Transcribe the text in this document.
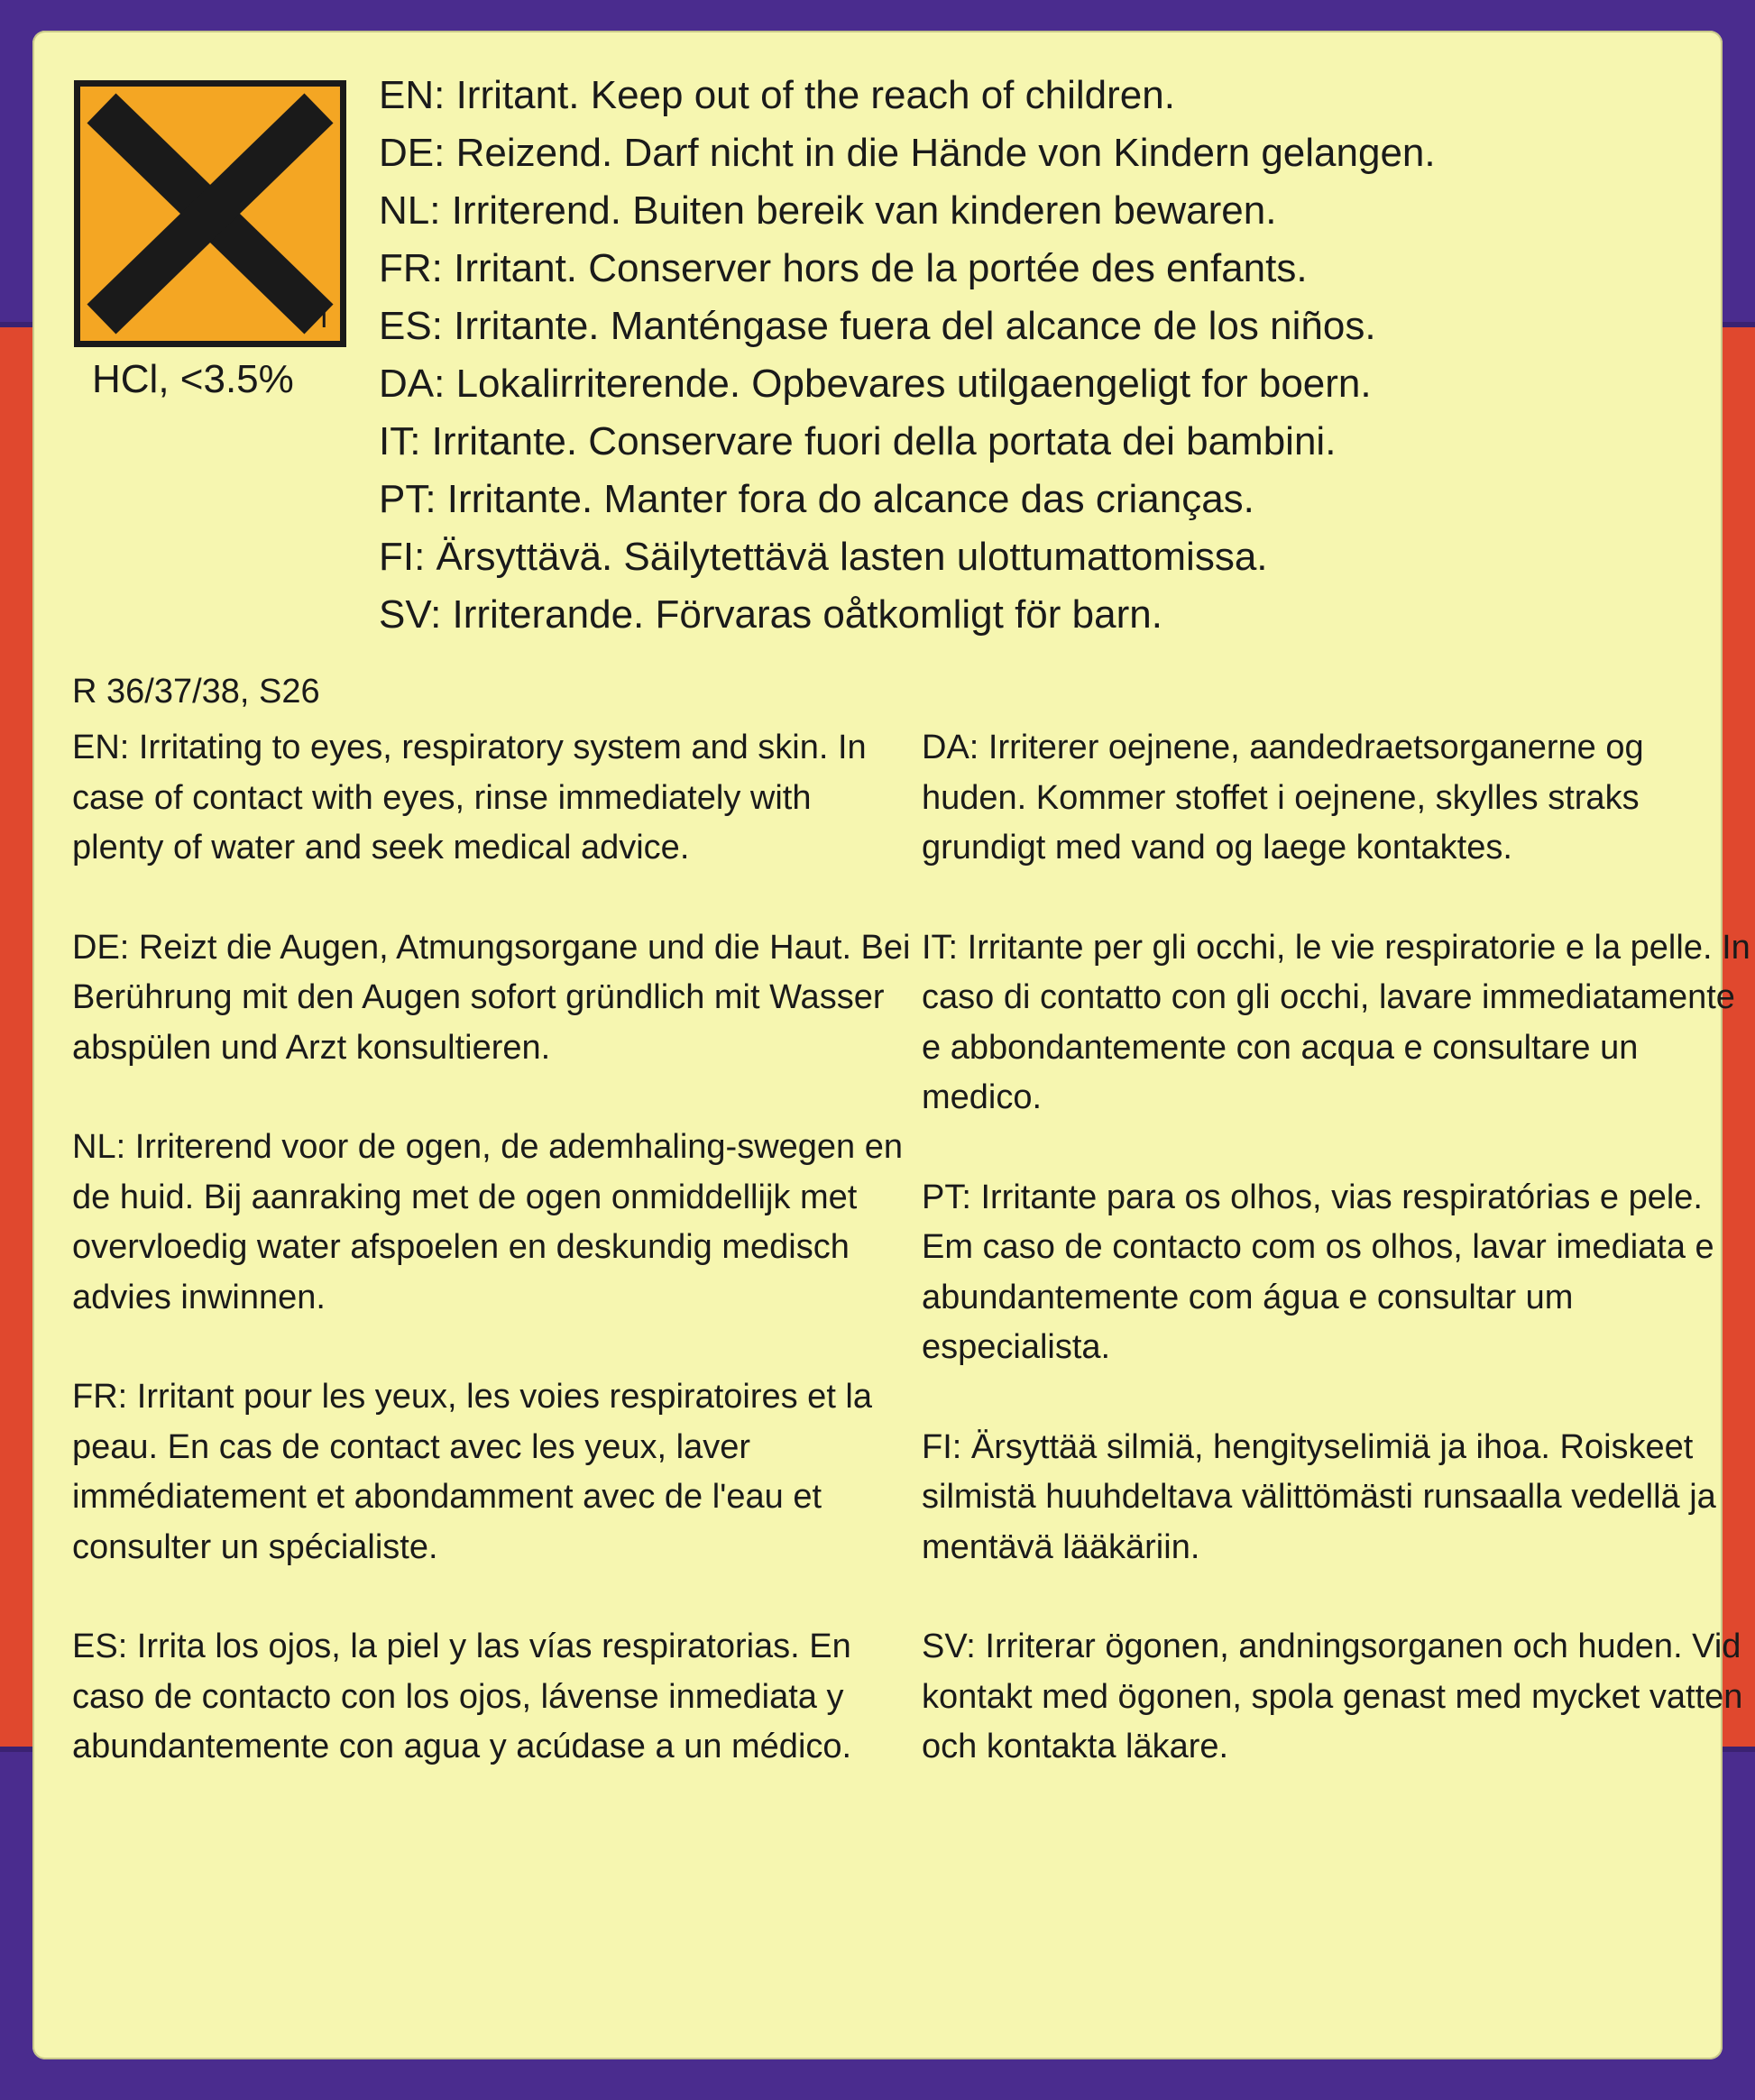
i
HCl, <3.5%
EN: Irritant. Keep out of the reach of children.
DE: Reizend. Darf nicht in die Hände von Kindern gelangen.
NL: Irriterend. Buiten bereik van kinderen bewaren.
FR: Irritant. Conserver hors de la portée des enfants.
ES: Irritante. Manténgase fuera del alcance de los niños.
DA: Lokalirriterende. Opbevares utilgaengeligt for boern.
IT: Irritante. Conservare fuori della portata dei bambini.
PT: Irritante. Manter fora do alcance das crianças.
FI: Ärsyttävä. Säilytettävä lasten ulottumattomissa.
SV: Irriterande. Förvaras oåtkomligt för barn.
R 36/37/38, S26

EN: Irritating to eyes, respiratory system and skin. In case of contact with eyes, rinse immediately with plenty of water and seek medical advice.

DE: Reizt die Augen, Atmungsorgane und die Haut. Bei Berührung mit den Augen sofort gründlich mit Wasser abspülen und Arzt konsultieren.

NL: Irriterend voor de ogen, de ademhaling-swegen en de huid. Bij aanraking met de ogen onmiddellijk met overvloedig water afspoelen en deskundig medisch advies inwinnen.

FR: Irritant pour les yeux, les voies respiratoires et la peau. En cas de contact avec les yeux, laver immédiatement et abondamment avec de l'eau et consulter un spécialiste.

ES: Irrita los ojos, la piel y las vías respiratorias. En caso de contacto con los ojos, lávense inmediata y abundantemente con agua y acúdase a un médico.

DA: Irriterer oejnene, aandedraetsorganerne og huden. Kommer stoffet i oejnene, skylles straks grundigt med vand og laege kontaktes.

IT: Irritante per gli occhi, le vie respiratorie e la pelle. In caso di contatto con gli occhi, lavare immediatamente e abbondantemente con acqua e consultare un medico.

PT: Irritante para os olhos, vias respiratórias e pele. Em caso de contacto com os olhos, lavar imediata e abundantemente com água e consultar um especialista.

FI: Ärsyttää silmiä, hengityselimiä ja ihoa. Roiskeet silmistä huuhdeltava välittömästi runsaalla vedellä ja mentävä lääkäriin.

SV: Irriterar ögonen, andningsorganen och huden. Vid kontakt med ögonen, spola genast med mycket vatten och kontakta läkare.
